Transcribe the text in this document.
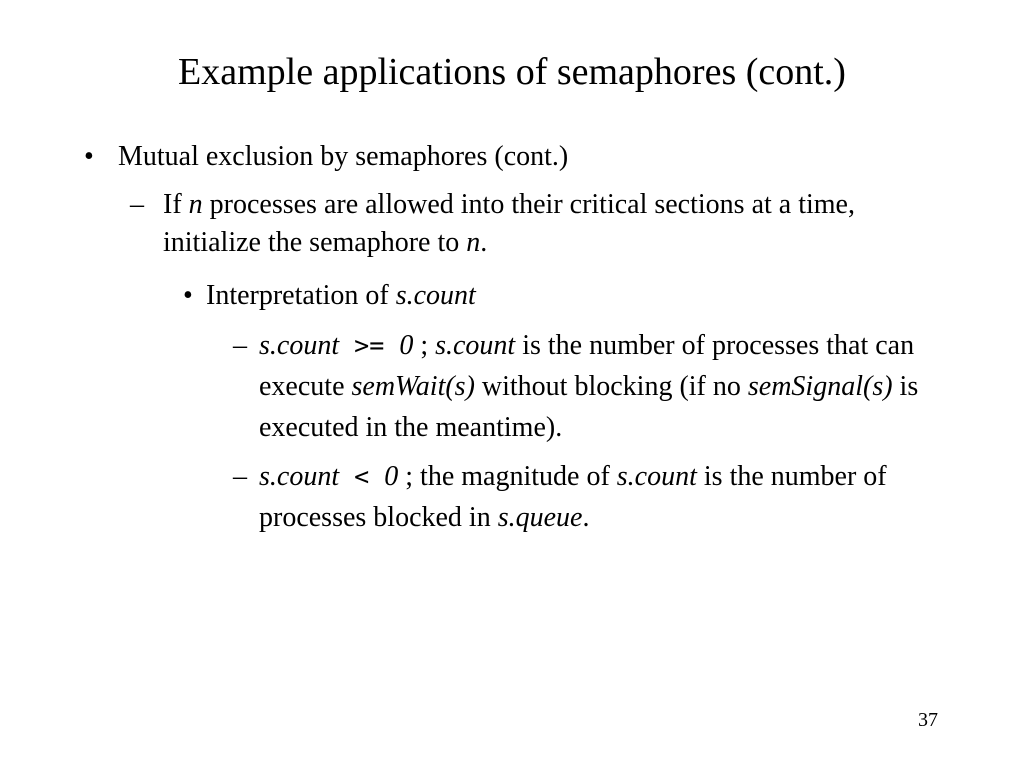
Example applications of semaphores (cont.)
• Mutual exclusion by semaphores (cont.)
– If n processes are allowed into their critical sections at a time, initialize the semaphore to n.
• Interpretation of s.count
– s.count >= 0 ; s.count is the number of processes that can execute semWait(s) without blocking (if no semSignal(s) is executed in the meantime).
– s.count < 0 ; the magnitude of s.count is the number of processes blocked in s.queue.
37
